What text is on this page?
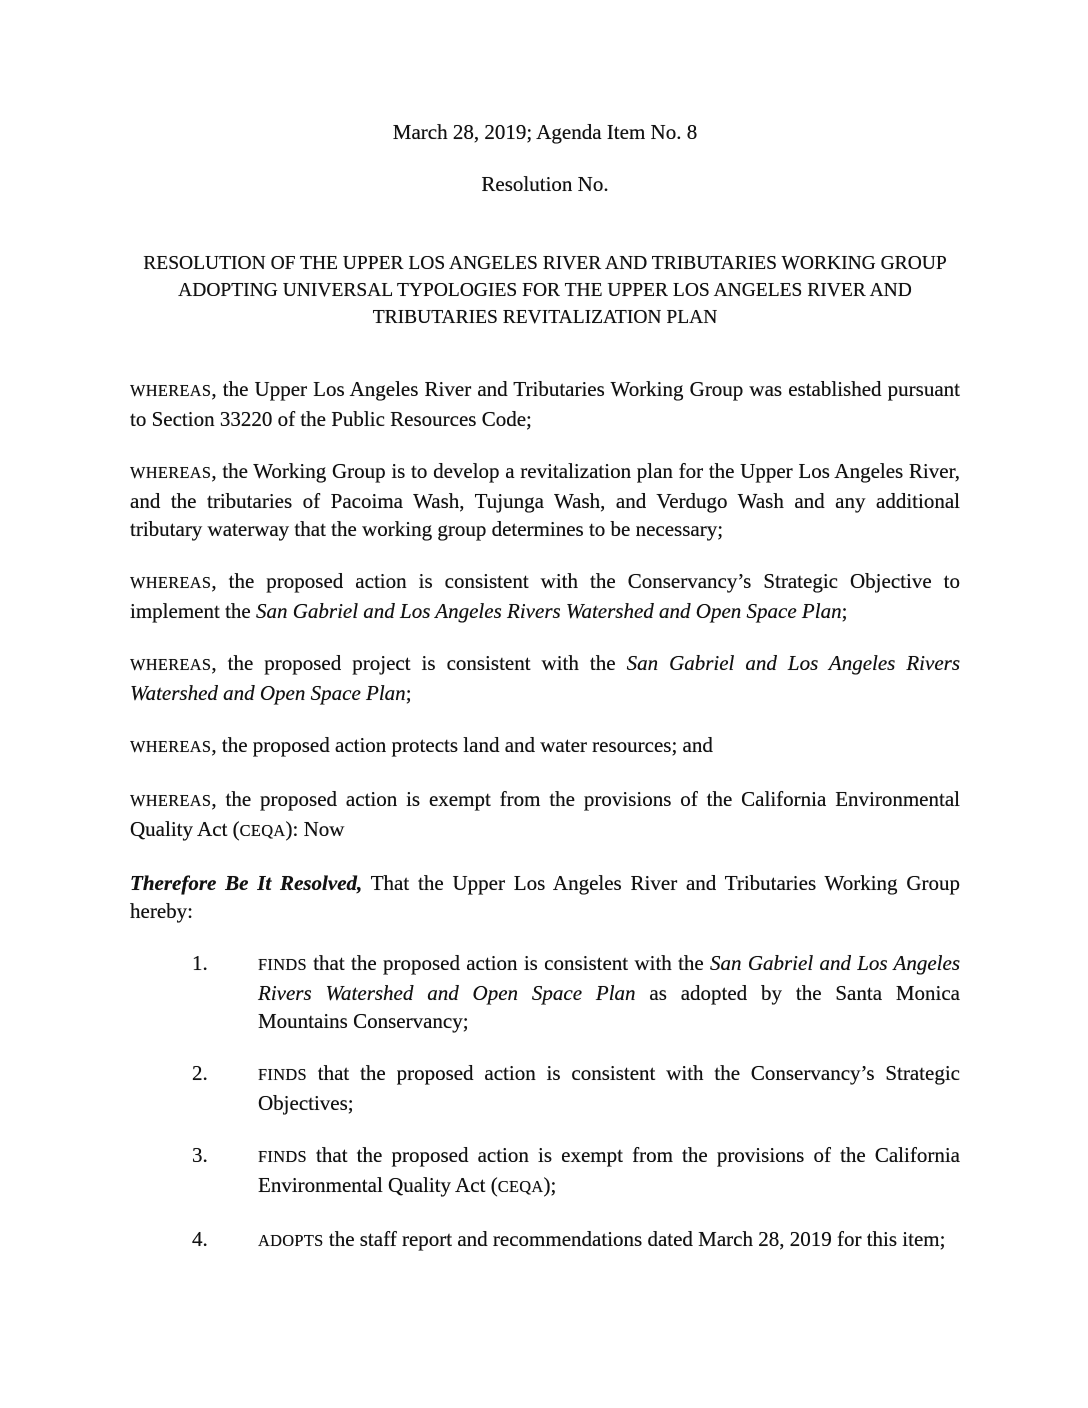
March 28, 2019; Agenda Item No. 8
Resolution No.
RESOLUTION OF THE UPPER LOS ANGELES RIVER AND TRIBUTARIES WORKING GROUP
ADOPTING UNIVERSAL TYPOLOGIES FOR THE UPPER LOS ANGELES RIVER AND
TRIBUTARIES REVITALIZATION PLAN

WHEREAS, the Upper Los Angeles River and Tributaries Working Group was established pursuant to Section 33220 of the Public Resources Code;

WHEREAS, the Working Group is to develop a revitalization plan for the Upper Los Angeles River, and the tributaries of Pacoima Wash, Tujunga Wash, and Verdugo Wash and any additional tributary waterway that the working group determines to be necessary;

WHEREAS, the proposed action is consistent with the Conservancy’s Strategic Objective to implement the San Gabriel and Los Angeles Rivers Watershed and Open Space Plan;

WHEREAS, the proposed project is consistent with the San Gabriel and Los Angeles Rivers Watershed and Open Space Plan;

WHEREAS, the proposed action protects land and water resources; and

WHEREAS, the proposed action is exempt from the provisions of the California Environmental Quality Act (CEQA): Now

Therefore Be It Resolved, That the Upper Los Angeles River and Tributaries Working Group hereby:

1.	FINDS that the proposed action is consistent with the San Gabriel and Los Angeles Rivers Watershed and Open Space Plan as adopted by the Santa Monica Mountains Conservancy;
2.	FINDS that the proposed action is consistent with the Conservancy’s Strategic Objectives;
3.	FINDS that the proposed action is exempt from the provisions of the California Environmental Quality Act (CEQA);
4.	ADOPTS the staff report and recommendations dated March 28, 2019 for this item;
